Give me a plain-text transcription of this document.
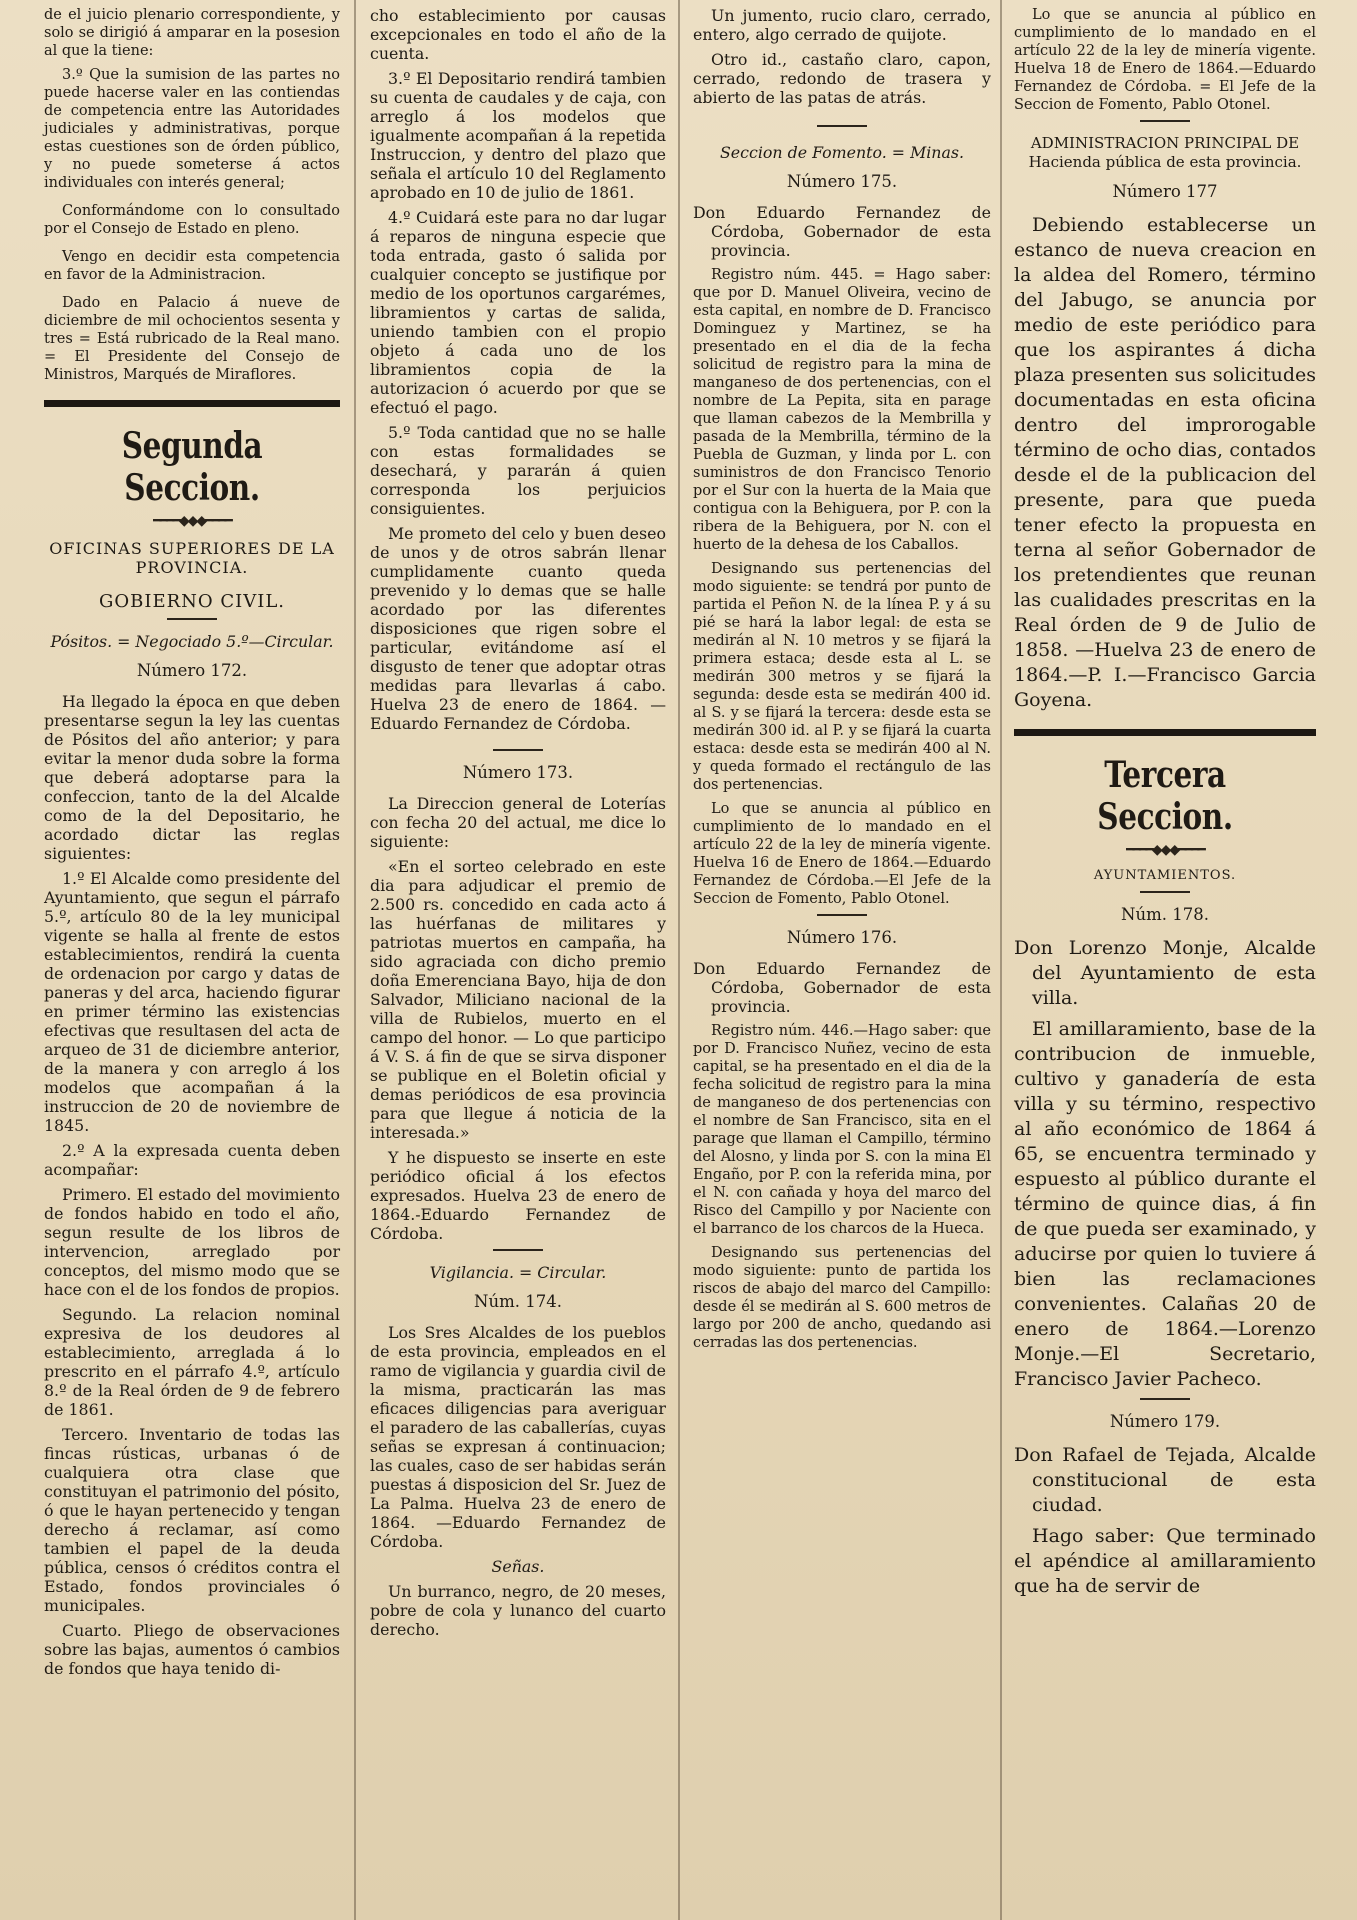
de el juicio plenario correspondiente, y solo se dirigió á amparar en la posesion al que la tiene:

3.º Que la sumision de las partes no puede hacerse valer en las contiendas de competencia entre las Autoridades judiciales y administrativas, porque estas cuestiones son de órden público, y no puede someterse á actos individuales con interés general;

Conformándome con lo consultado por el Consejo de Estado en pleno.

Vengo en decidir esta competencia en favor de la Administracion.

Dado en Palacio á nueve de diciembre de mil ochocientos sesenta y tres = Está rubricado de la Real mano. = El Presidente del Consejo de Ministros, Marqués de Miraflores.

Segunda Seccion.
━━━━◆◆◆━━━━
OFICINAS SUPERIORES DE LA PROVINCIA.
GOBIERNO CIVIL.

Pósitos. = Negociado 5.º—Circular.

Número 172.

Ha llegado la época en que deben presentarse segun la ley las cuentas de Pósitos del año anterior; y para evitar la menor duda sobre la forma que deberá adoptarse para la confeccion, tanto de la del Alcalde como de la del Depositario, he acordado dictar las reglas siguientes:

1.º El Alcalde como presidente del Ayuntamiento, que segun el párrafo 5.º, artículo 80 de la ley municipal vigente se halla al frente de estos establecimientos, rendirá la cuenta de ordenacion por cargo y datas de paneras y del arca, haciendo figurar en primer término las existencias efectivas que resultasen del acta de arqueo de 31 de diciembre anterior, de la manera y con arreglo á los modelos que acompañan á la instruccion de 20 de noviembre de 1845.

2.º A la expresada cuenta deben acompañar:

Primero. El estado del movimiento de fondos habido en todo el año, segun resulte de los libros de intervencion, arreglado por conceptos, del mismo modo que se hace con el de los fondos de propios.

Segundo. La relacion nominal expresiva de los deudores al establecimiento, arreglada á lo prescrito en el párrafo 4.º, artículo 8.º de la Real órden de 9 de febrero de 1861.

Tercero. Inventario de todas las fincas rústicas, urbanas ó de cualquiera otra clase que constituyan el patrimonio del pósito, ó que le hayan pertenecido y tengan derecho á reclamar, así como tambien el papel de la deuda pública, censos ó créditos contra el Estado, fondos provinciales ó municipales.

Cuarto. Pliego de observaciones sobre las bajas, aumentos ó cambios de fondos que haya tenido di-

cho establecimiento por causas excepcionales en todo el año de la cuenta.

3.º El Depositario rendirá tambien su cuenta de caudales y de caja, con arreglo á los modelos que igualmente acompañan á la repetida Instruccion, y dentro del plazo que señala el artículo 10 del Reglamento aprobado en 10 de julio de 1861.

4.º Cuidará este para no dar lugar á reparos de ninguna especie que toda entrada, gasto ó salida por cualquier concepto se justifique por medio de los oportunos cargarémes, libramientos y cartas de salida, uniendo tambien con el propio objeto á cada uno de los libramientos copia de la autorizacion ó acuerdo por que se efectuó el pago.

5.º Toda cantidad que no se halle con estas formalidades se desechará, y pararán á quien corresponda los perjuicios consiguientes.

Me prometo del celo y buen deseo de unos y de otros sabrán llenar cumplidamente cuanto queda prevenido y lo demas que se halle acordado por las diferentes disposiciones que rigen sobre el particular, evitándome así el disgusto de tener que adoptar otras medidas para llevarlas á cabo. Huelva 23 de enero de 1864. —Eduardo Fernandez de Córdoba.

Número 173.

La Direccion general de Loterías con fecha 20 del actual, me dice lo siguiente:

«En el sorteo celebrado en este dia para adjudicar el premio de 2.500 rs. concedido en cada acto á las huérfanas de militares y patriotas muertos en campaña, ha sido agraciada con dicho premio doña Emerenciana Bayo, hija de don Salvador, Miliciano nacional de la villa de Rubielos, muerto en el campo del honor. — Lo que participo á V. S. á fin de que se sirva disponer se publique en el Boletin oficial y demas periódicos de esa provincia para que llegue á noticia de la interesada.»

Y he dispuesto se inserte en este periódico oficial á los efectos expresados. Huelva 23 de enero de 1864.-Eduardo Fernandez de Córdoba.

Vigilancia. = Circular.

Núm. 174.

Los Sres Alcaldes de los pueblos de esta provincia, empleados en el ramo de vigilancia y guardia civil de la misma, practicarán las mas eficaces diligencias para averiguar el paradero de las caballerías, cuyas señas se expresan á continuacion; las cuales, caso de ser habidas serán puestas á disposicion del Sr. Juez de La Palma. Huelva 23 de enero de 1864. —Eduardo Fernandez de Córdoba.

Señas.

Un burranco, negro, de 20 meses, pobre de cola y lunanco del cuarto derecho.

Un jumento, rucio claro, cerrado, entero, algo cerrado de quijote.

Otro id., castaño claro, capon, cerrado, redondo de trasera y abierto de las patas de atrás.

Seccion de Fomento. = Minas.

Número 175.

Don Eduardo Fernandez de Córdoba, Gobernador de esta provincia.

Registro núm. 445. = Hago saber: que por D. Manuel Oliveira, vecino de esta capital, en nombre de D. Francisco Dominguez y Martinez, se ha presentado en el dia de la fecha solicitud de registro para la mina de manganeso de dos pertenencias, con el nombre de La Pepita, sita en parage que llaman cabezos de la Membrilla y pasada de la Membrilla, término de la Puebla de Guzman, y linda por L. con suministros de don Francisco Tenorio por el Sur con la huerta de la Maia que contigua con la Behiguera, por P. con la ribera de la Behiguera, por N. con el huerto de la dehesa de los Caballos.

Designando sus pertenencias del modo siguiente: se tendrá por punto de partida el Peñon N. de la línea P. y á su pié se hará la labor legal: de esta se medirán al N. 10 metros y se fijará la primera estaca; desde esta al L. se medirán 300 metros y se fijará la segunda: desde esta se medirán 400 id. al S. y se fijará la tercera: desde esta se medirán 300 id. al P. y se fijará la cuarta estaca: desde esta se medirán 400 al N. y queda formado el rectángulo de las dos pertenencias.

Lo que se anuncia al público en cumplimiento de lo mandado en el artículo 22 de la ley de minería vigente. Huelva 16 de Enero de 1864.—Eduardo Fernandez de Córdoba.—El Jefe de la Seccion de Fomento, Pablo Otonel.

Número 176.

Don Eduardo Fernandez de Córdoba, Gobernador de esta provincia.

Registro núm. 446.—Hago saber: que por D. Francisco Nuñez, vecino de esta capital, se ha presentado en el dia de la fecha solicitud de registro para la mina de manganeso de dos pertenencias con el nombre de San Francisco, sita en el parage que llaman el Campillo, término del Alosno, y linda por S. con la mina El Engaño, por P. con la referida mina, por el N. con cañada y hoya del marco del Risco del Campillo y por Naciente con el barranco de los charcos de la Hueca.

Designando sus pertenencias del modo siguiente: punto de partida los riscos de abajo del marco del Campillo: desde él se medirán al S. 600 metros de largo por 200 de ancho, quedando asi cerradas las dos pertenencias.

Lo que se anuncia al público en cumplimiento de lo mandado en el artículo 22 de la ley de minería vigente. Huelva 18 de Enero de 1864.—Eduardo Fernandez de Córdoba. = El Jefe de la Seccion de Fomento, Pablo Otonel.

ADMINISTRACION PRINCIPAL DE Hacienda pública de esta provincia.

Número 177

Debiendo establecerse un estanco de nueva creacion en la aldea del Romero, término del Jabugo, se anuncia por medio de este periódico para que los aspirantes á dicha plaza presenten sus solicitudes documentadas en esta oficina dentro del improrogable término de ocho dias, contados desde el de la publicacion del presente, para que pueda tener efecto la propuesta en terna al señor Gobernador de los pretendientes que reunan las cualidades prescritas en la Real órden de 9 de Julio de 1858. —Huelva 23 de enero de 1864.—P. I.—Francisco Garcia Goyena.

Tercera Seccion.
━━━━◆◆◆━━━━
AYUNTAMIENTOS.
Núm. 178.

Don Lorenzo Monje, Alcalde del Ayuntamiento de esta villa.

El amillaramiento, base de la contribucion de inmueble, cultivo y ganadería de esta villa y su término, respectivo al año económico de 1864 á 65, se encuentra terminado y espuesto al público durante el término de quince dias, á fin de que pueda ser examinado, y aducirse por quien lo tuviere á bien las reclamaciones convenientes. Calañas 20 de enero de 1864.—Lorenzo Monje.—El Secretario, Francisco Javier Pacheco.

Número 179.

Don Rafael de Tejada, Alcalde constitucional de esta ciudad.

Hago saber: Que terminado el apéndice al amillaramiento que ha de servir de
